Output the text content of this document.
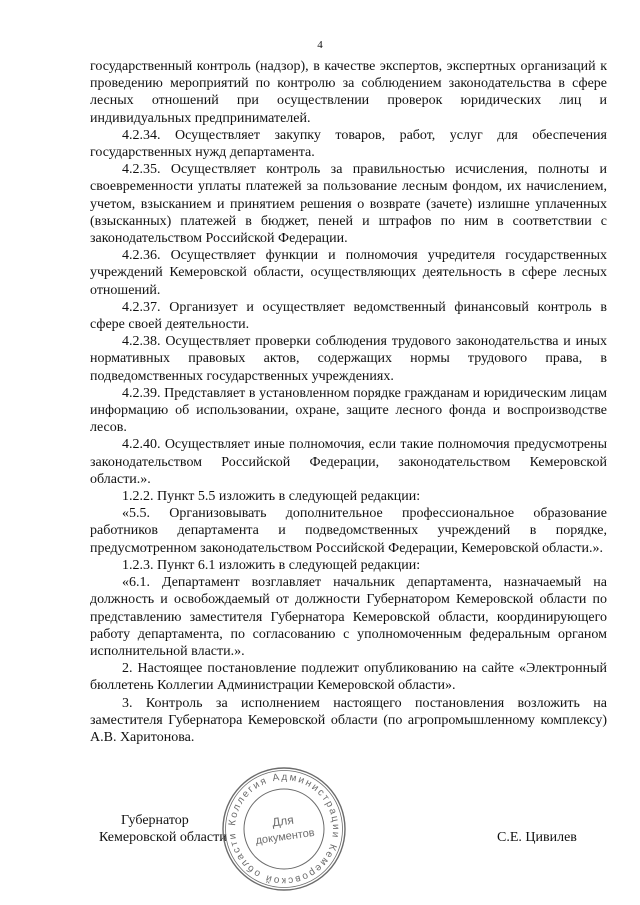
4

государственный контроль (надзор), в качестве экспертов, экспертных организаций к проведению мероприятий по контролю за соблюдением законодательства в сфере лесных отношений при осуществлении проверок юридических лиц и индивидуальных предпринимателей.

4.2.34. Осуществляет закупку товаров, работ, услуг для обеспечения государственных нужд департамента.

4.2.35. Осуществляет контроль за правильностью исчисления, полноты и своевременности уплаты платежей за пользование лесным фондом, их начислением, учетом, взысканием и принятием решения о возврате (зачете) излишне уплаченных (взысканных) платежей в бюджет, пеней и штрафов по ним в соответствии с законодательством Российской Федерации.

4.2.36. Осуществляет функции и полномочия учредителя государственных учреждений Кемеровской области, осуществляющих деятельность в сфере лесных отношений.

4.2.37. Организует и осуществляет ведомственный финансовый контроль в сфере своей деятельности.

4.2.38. Осуществляет проверки соблюдения трудового законодательства и иных нормативных правовых актов, содержащих нормы трудового права, в подведомственных государственных учреждениях.

4.2.39. Представляет в установленном порядке гражданам и юридическим лицам информацию об использовании, охране, защите лесного фонда и воспроизводстве лесов.

4.2.40. Осуществляет иные полномочия, если такие полномочия предусмотрены законодательством Российской Федерации, законодательством Кемеровской области.».

1.2.2. Пункт 5.5 изложить в следующей редакции:

«5.5. Организовывать дополнительное профессиональное образование работников департамента и подведомственных учреждений в порядке, предусмотренном законодательством Российской Федерации, Кемеровской области.».

1.2.3. Пункт 6.1 изложить в следующей редакции:

«6.1. Департамент возглавляет начальник департамента, назначаемый на должность и освобождаемый от должности Губернатором Кемеровской области по представлению заместителя Губернатора Кемеровской области, координирующего работу департамента, по согласованию с уполномоченным федеральным органом исполнительной власти.».

2. Настоящее постановление подлежит опубликованию на сайте «Электронный бюллетень Коллегии Администрации Кемеровской области».

3. Контроль за исполнением настоящего постановления возложить на заместителя Губернатора Кемеровской области (по агропромышленному комплексу) А.В. Харитонова.

Губернатор
Кемеровской области	С.Е. Цивилев
Коллегия Администрации Кемеровской области
Для
документов
